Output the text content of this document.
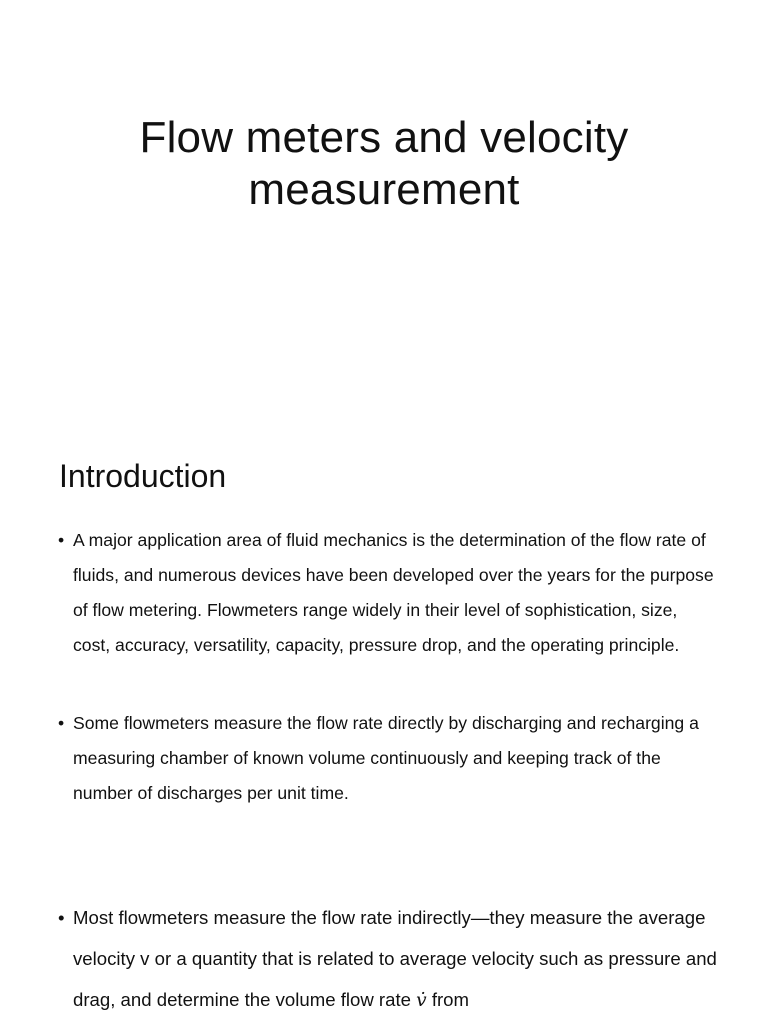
Flow meters and velocity measurement
Introduction
• A major application area of fluid mechanics is the determination of the flow rate of fluids, and numerous devices have been developed over the years for the purpose of flow metering. Flowmeters range widely in their level of sophistication, size, cost, accuracy, versatility, capacity, pressure drop, and the operating principle.
• Some flowmeters measure the flow rate directly by discharging and recharging a measuring chamber of known volume continuously and keeping track of the number of discharges per unit time.
• Most flowmeters measure the flow rate indirectly—they measure the average velocity v or a quantity that is related to average velocity such as pressure and drag, and determine the volume flow rate v̇ from
